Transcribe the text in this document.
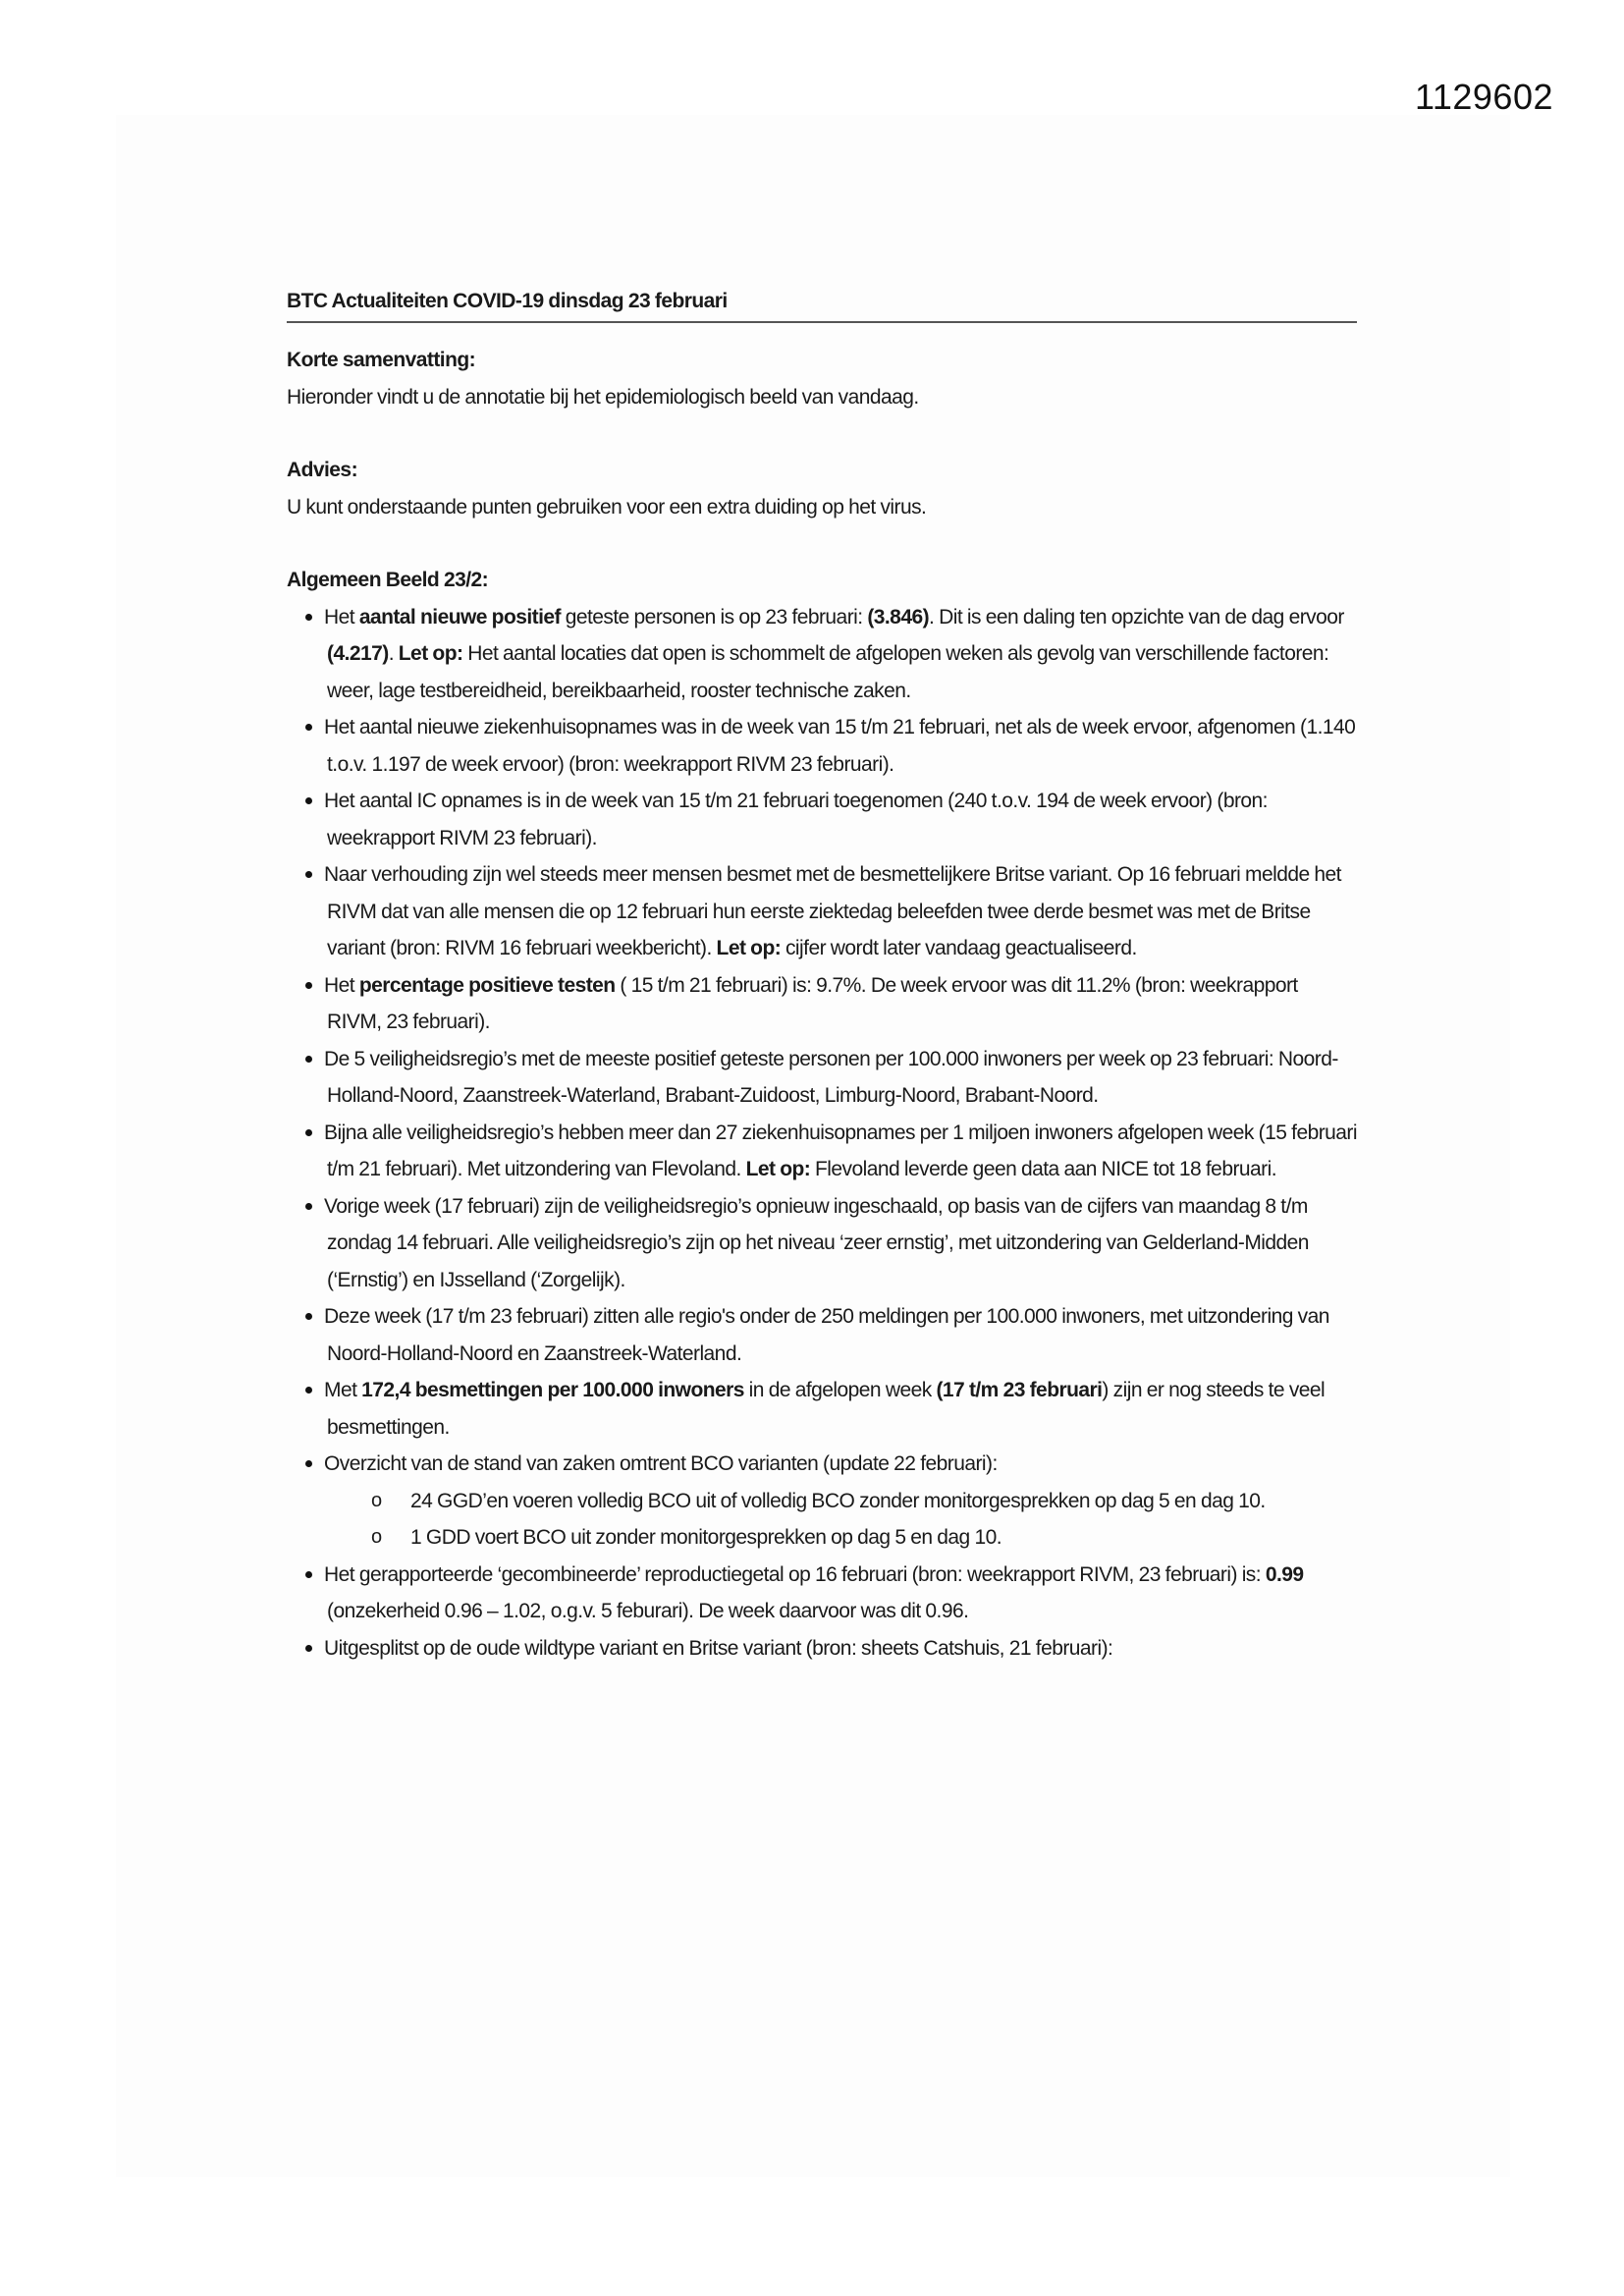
1129602
BTC Actualiteiten COVID-19 dinsdag 23 februari

Korte samenvatting:

Hieronder vindt u de annotatie bij het epidemiologisch beeld van vandaag.

Advies:

U kunt onderstaande punten gebruiken voor een extra duiding op het virus.

Algemeen Beeld 23/2:

Het aantal nieuwe positief geteste personen is op 23 februari: (3.846). Dit is een daling ten opzichte van de dag ervoor (4.217). Let op: Het aantal locaties dat open is schommelt de afgelopen weken als gevolg van verschillende factoren: weer, lage testbereidheid, bereikbaarheid, rooster technische zaken.
Het aantal nieuwe ziekenhuisopnames was in de week van 15 t/m 21 februari, net als de week ervoor, afgenomen (1.140 t.o.v. 1.197 de week ervoor) (bron: weekrapport RIVM 23 februari).
Het aantal IC opnames is in de week van 15 t/m 21 februari toegenomen (240 t.o.v. 194 de week ervoor) (bron: weekrapport RIVM 23 februari).
Naar verhouding zijn wel steeds meer mensen besmet met de besmettelijkere Britse variant. Op 16 februari meldde het RIVM dat van alle mensen die op 12 februari hun eerste ziektedag beleefden twee derde besmet was met de Britse variant (bron: RIVM 16 februari weekbericht). Let op: cijfer wordt later vandaag geactualiseerd.
Het percentage positieve testen ( 15 t/m 21 februari) is: 9.7%. De week ervoor was dit 11.2% (bron: weekrapport RIVM, 23 februari).
De 5 veiligheidsregio’s met de meeste positief geteste personen per 100.000 inwoners per week op 23 februari: Noord-Holland-Noord, Zaanstreek-Waterland, Brabant-Zuidoost, Limburg-Noord, Brabant-Noord.
Bijna alle veiligheidsregio’s hebben meer dan 27 ziekenhuisopnames per 1 miljoen inwoners afgelopen week (15 februari t/m 21 februari). Met uitzondering van Flevoland. Let op: Flevoland leverde geen data aan NICE tot 18 februari.
Vorige week (17 februari) zijn de veiligheidsregio’s opnieuw ingeschaald, op basis van de cijfers van maandag 8 t/m zondag 14 februari. Alle veiligheidsregio’s zijn op het niveau ‘zeer ernstig’, met uitzondering van Gelderland-Midden (‘Ernstig’) en IJsselland (‘Zorgelijk).
Deze week (17 t/m 23 februari) zitten alle regio's onder de 250 meldingen per 100.000 inwoners, met uitzondering van Noord-Holland-Noord en Zaanstreek-Waterland.
Met 172,4 besmettingen per 100.000 inwoners in de afgelopen week (17 t/m 23 februari) zijn er nog steeds te veel besmettingen.
Overzicht van de stand van zaken omtrent BCO varianten (update 22 februari):
o 24 GGD’en voeren volledig BCO uit of volledig BCO zonder monitorgesprekken op dag 5 en dag 10.
o 1 GDD voert BCO uit zonder monitorgesprekken op dag 5 en dag 10.
Het gerapporteerde ‘gecombineerde’ reproductiegetal op 16 februari (bron: weekrapport RIVM, 23 februari) is: 0.99 (onzekerheid 0.96 – 1.02, o.g.v. 5 feburari). De week daarvoor was dit 0.96.
Uitgesplitst op de oude wildtype variant en Britse variant (bron: sheets Catshuis, 21 februari):
